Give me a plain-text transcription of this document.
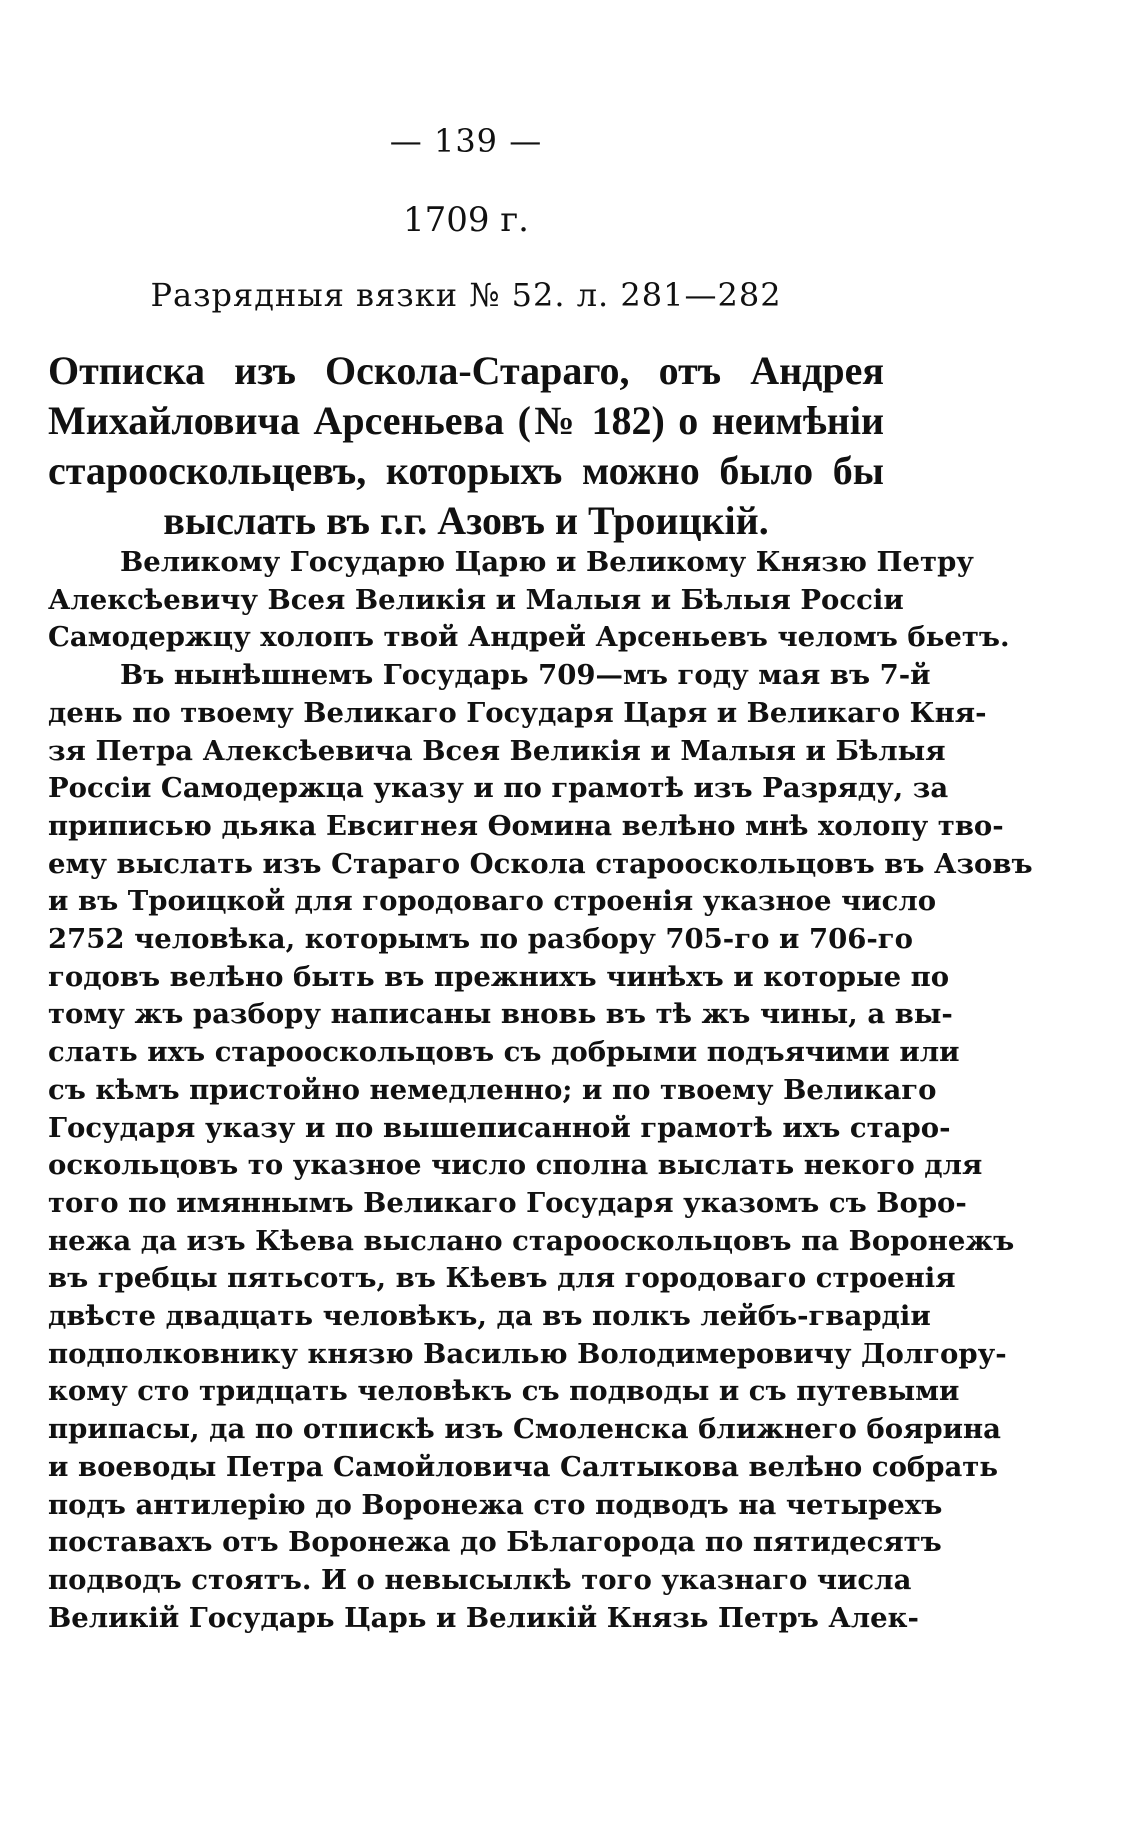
— 139 —
1709 г.
Разрядныя вязки № 52. л. 281—282
Отписка изъ Оскола-Стараго, отъ Андрея
Михайловича Арсеньева (№ 182) о неимѣніи
старооскольцевъ, которыхъ можно было бы
выслать въ г.г. Азовъ и Троицкій.
Великому Государю Царю и Великому Князю Петру
Алексѣевичу Всея Великія и Малыя и Бѣлыя Россіи
Самодержцу холопъ твой Андрей Арсеньевъ челомъ бьетъ.
Въ нынѣшнемъ Государь 709—мъ году мая въ 7-й
день по твоему Великаго Государя Царя и Великаго Кня-
зя Петра Алексѣевича Всея Великія и Малыя и Бѣлыя
Россіи Самодержца указу и по грамотѣ изъ Разряду, за
приписью дьяка Евсигнея Ѳомина велѣно мнѣ холопу тво-
ему выслать изъ Стараго Оскола старооскольцовъ въ Азовъ
и въ Троицкой для городоваго строенія указное число
2752 человѣка, которымъ по разбору 705-го и 706-го
годовъ велѣно быть въ прежнихъ чинѣхъ и которые по
тому жъ разбору написаны вновь въ тѣ жъ чины, а вы-
слать ихъ старооскольцовъ съ добрыми подъячими или
съ кѣмъ пристойно немедленно; и по твоему Великаго
Государя указу и по вышеписанной грамотѣ ихъ старо-
оскольцовъ то указное число сполна выслать некого для
того по имяннымъ Великаго Государя указомъ съ Воро-
нежа да изъ Кѣева выслано старооскольцовъ па Воронежъ
въ гребцы пятьсотъ, въ Кѣевъ для городоваго строенія
двѣсте двадцать человѣкъ, да въ полкъ лейбъ-гвардіи
подполковнику князю Василью Володимеровичу Долгору-
кому сто тридцать человѣкъ съ подводы и съ путевыми
припасы, да по отпискѣ изъ Смоленска ближнего боярина
и воеводы Петра Самойловича Салтыкова велѣно собрать
подъ антилерію до Воронежа сто подводъ на четырехъ
поставахъ отъ Воронежа до Бѣлагорода по пятидесятъ
подводъ стоятъ. И о невысылкѣ того указнаго числа
Великій Государь Царь и Великій Князь Петръ Алек-
